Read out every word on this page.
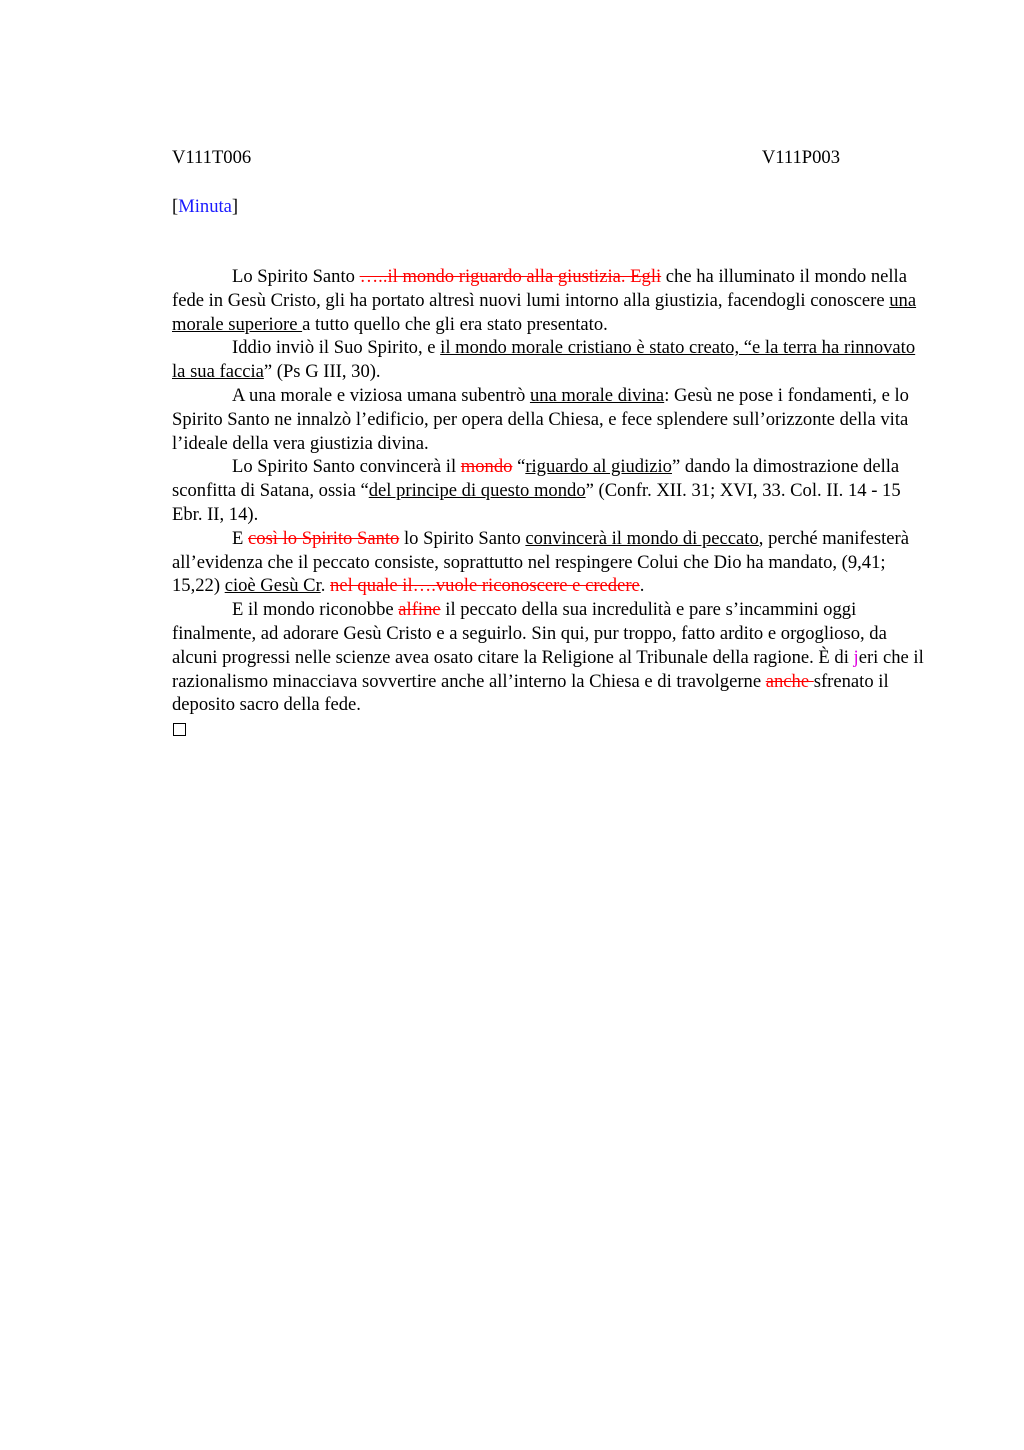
V111T006	V111P003
[Minuta]

Lo Spirito Santo …..il mondo riguardo alla giustizia. Egli che ha illuminato il mondo nella fede in Gesù Cristo, gli ha portato altresì nuovi lumi intorno alla giustizia, facendogli conoscere una morale superiore a tutto quello che gli era stato presentato.

Iddio inviò il Suo Spirito, e il mondo morale cristiano è stato creato, “e la terra ha rinnovato la sua faccia” (Ps G III, 30).

A una morale e viziosa umana subentrò una morale divina: Gesù ne pose i fondamenti, e lo Spirito Santo ne innalzò l’edificio, per opera della Chiesa, e fece splendere sull’orizzonte della vita l’ideale della vera giustizia divina.

Lo Spirito Santo convincerà il mondo “riguardo al giudizio” dando la dimostrazione della sconfitta di Satana, ossia “del principe di questo mondo” (Confr. XII. 31; XVI, 33. Col. II. 14 - 15 Ebr. II, 14).

E così lo Spirito Santo lo Spirito Santo convincerà il mondo di peccato, perché manifesterà all’evidenza che il peccato consiste, soprattutto nel respingere Colui che Dio ha mandato, (9,41; 15,22) cioè Gesù Cr. nel quale il….vuole riconoscere e credere.

E il mondo riconobbe alfine il peccato della sua incredulità e pare s’incammini oggi finalmente, ad adorare Gesù Cristo e a seguirlo. Sin qui, pur troppo, fatto ardito e orgoglioso, da alcuni progressi nelle scienze avea osato citare la Religione al Tribunale della ragione. È di jeri che il razionalismo minacciava sovvertire anche all’interno la Chiesa e di travolgerne anche sfrenato il deposito sacro della fede.
